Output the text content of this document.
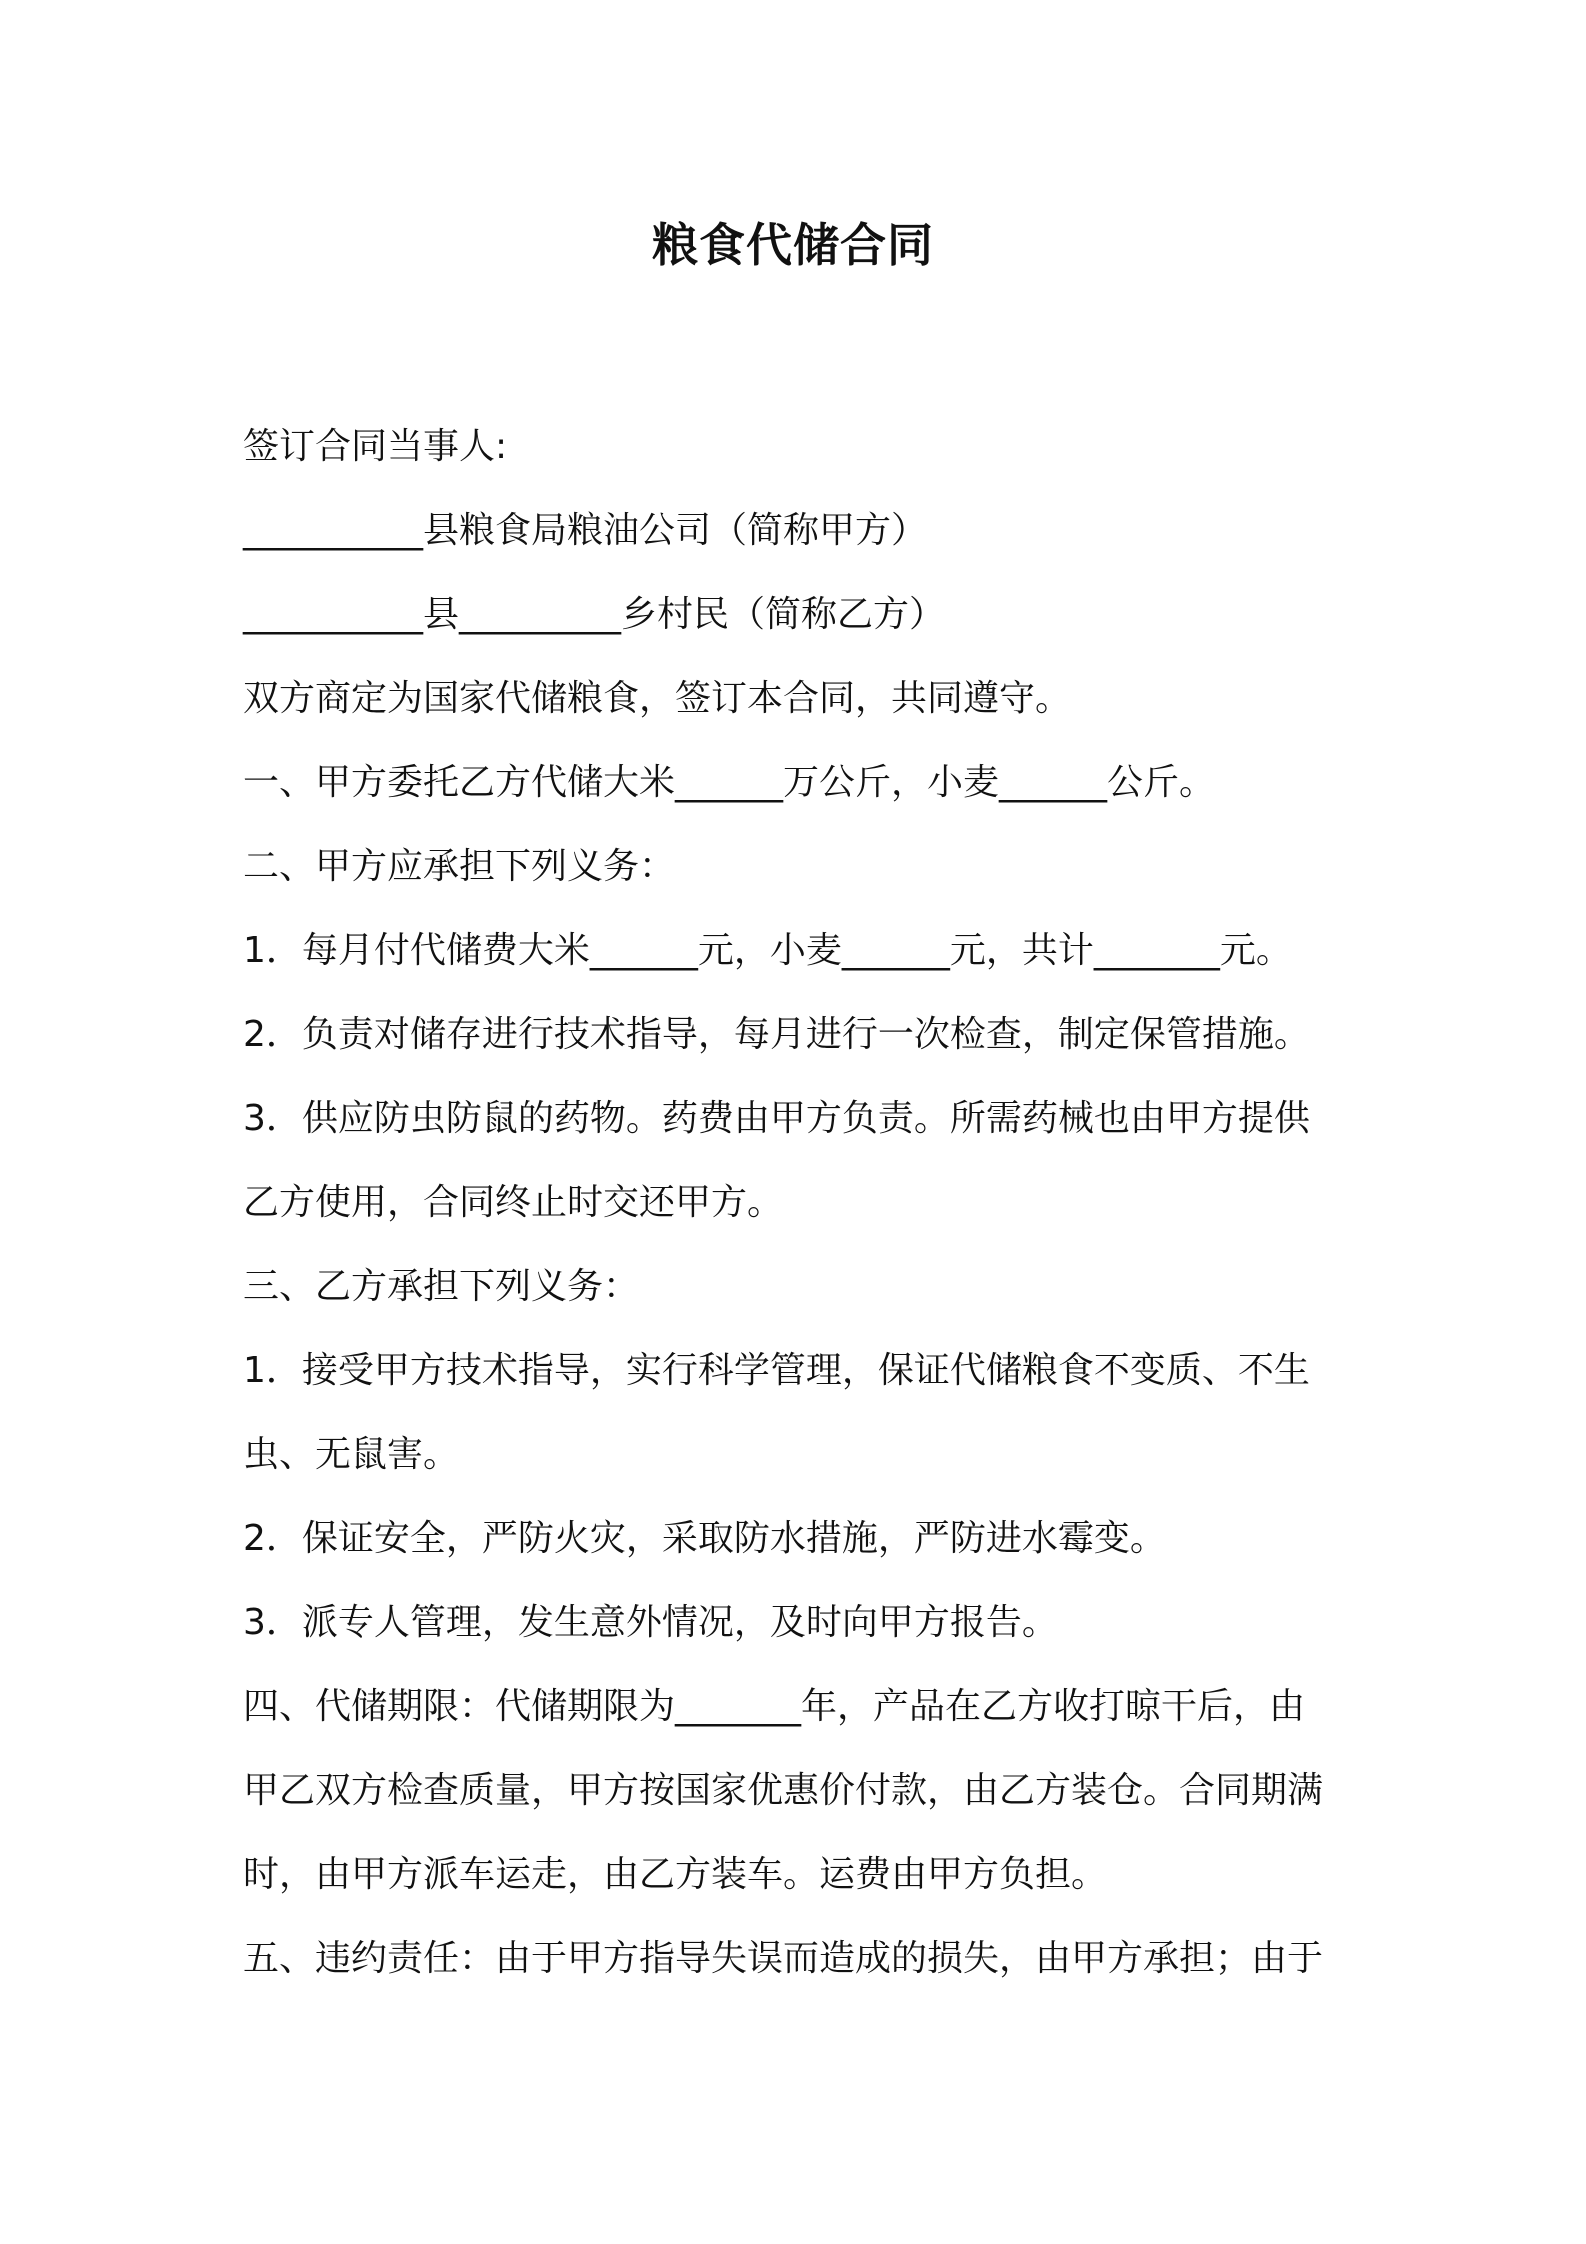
粮食代储合同

签订合同当事人:

__________县粮食局粮油公司（简称甲方）

__________县_________乡村民（简称乙方）

双方商定为国家代储粮食，签订本合同，共同遵守。

一、甲方委托乙方代储大米______万公斤，小麦______公斤。

二、甲方应承担下列义务：

1．每月付代储费大米______元，小麦______元，共计_______元。

2．负责对储存进行技术指导，每月进行一次检查，制定保管措施。

3．供应防虫防鼠的药物。药费由甲方负责。所需药械也由甲方提供

乙方使用，合同终止时交还甲方。

三、乙方承担下列义务：

1．接受甲方技术指导，实行科学管理，保证代储粮食不变质、不生

虫、无鼠害。

2．保证安全，严防火灾，采取防水措施，严防进水霉变。

3．派专人管理，发生意外情况，及时向甲方报告。

四、代储期限：代储期限为_______年，产品在乙方收打晾干后，由

甲乙双方检查质量，甲方按国家优惠价付款，由乙方装仓。合同期满

时，由甲方派车运走，由乙方装车。运费由甲方负担。

五、违约责任：由于甲方指导失误而造成的损失，由甲方承担；由于
